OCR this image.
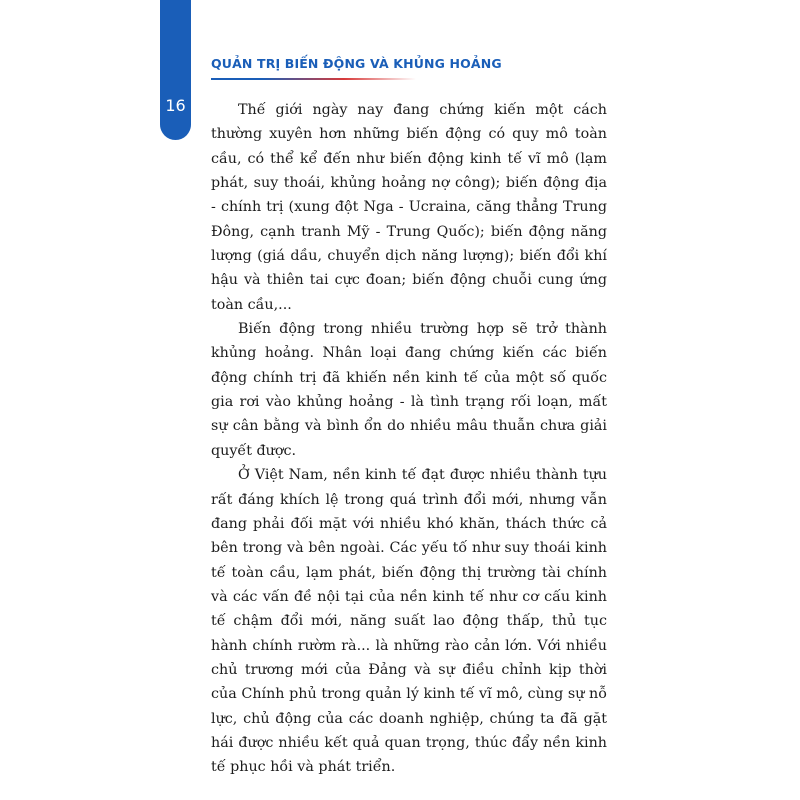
16
QUẢN TRỊ BIẾN ĐỘNG VÀ KHỦNG HOẢNG

Thế giới ngày nay đang chứng kiến một cách thường xuyên hơn những biến động có quy mô toàn cầu, có thể kể đến như biến động kinh tế vĩ mô (lạm phát, suy thoái, khủng hoảng nợ công); biến động địa - chính trị (xung đột Nga - Ucraina, căng thẳng Trung Đông, cạnh tranh Mỹ - Trung Quốc); biến động năng lượng (giá dầu, chuyển dịch năng lượng); biến đổi khí hậu và thiên tai cực đoan; biến động chuỗi cung ứng toàn cầu,...

Biến động trong nhiều trường hợp sẽ trở thành khủng hoảng. Nhân loại đang chứng kiến các biến động chính trị đã khiến nền kinh tế của một số quốc gia rơi vào khủng hoảng - là tình trạng rối loạn, mất sự cân bằng và bình ổn do nhiều mâu thuẫn chưa giải quyết được.

Ở Việt Nam, nền kinh tế đạt được nhiều thành tựu rất đáng khích lệ trong quá trình đổi mới, nhưng vẫn đang phải đối mặt với nhiều khó khăn, thách thức cả bên trong và bên ngoài. Các yếu tố như suy thoái kinh tế toàn cầu, lạm phát, biến động thị trường tài chính và các vấn đề nội tại của nền kinh tế như cơ cấu kinh tế chậm đổi mới, năng suất lao động thấp, thủ tục hành chính rườm rà... là những rào cản lớn. Với nhiều chủ trương mới của Đảng và sự điều chỉnh kịp thời của Chính phủ trong quản lý kinh tế vĩ mô, cùng sự nỗ lực, chủ động của các doanh nghiệp, chúng ta đã gặt hái được nhiều kết quả quan trọng, thúc đẩy nền kinh tế phục hồi và phát triển.
